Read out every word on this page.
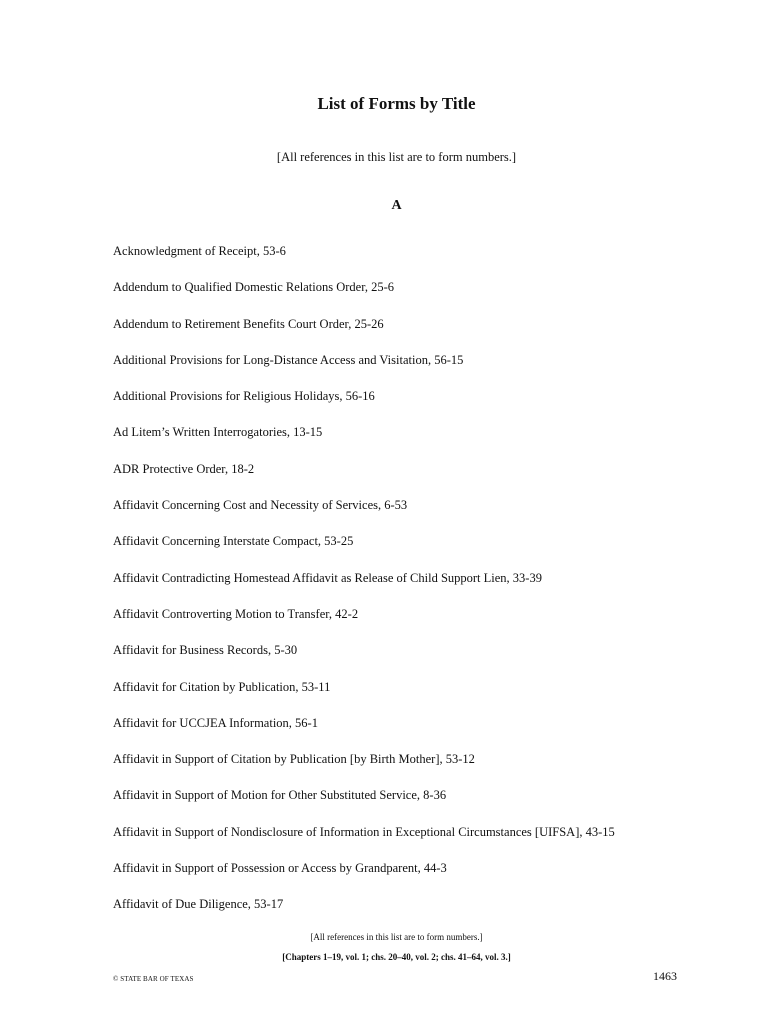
List of Forms by Title
[All references in this list are to form numbers.]
A
Acknowledgment of Receipt, 53-6
Addendum to Qualified Domestic Relations Order, 25-6
Addendum to Retirement Benefits Court Order, 25-26
Additional Provisions for Long-Distance Access and Visitation, 56-15
Additional Provisions for Religious Holidays, 56-16
Ad Litem’s Written Interrogatories, 13-15
ADR Protective Order, 18-2
Affidavit Concerning Cost and Necessity of Services, 6-53
Affidavit Concerning Interstate Compact, 53-25
Affidavit Contradicting Homestead Affidavit as Release of Child Support Lien, 33-39
Affidavit Controverting Motion to Transfer, 42-2
Affidavit for Business Records, 5-30
Affidavit for Citation by Publication, 53-11
Affidavit for UCCJEA Information, 56-1
Affidavit in Support of Citation by Publication [by Birth Mother], 53-12
Affidavit in Support of Motion for Other Substituted Service, 8-36
Affidavit in Support of Nondisclosure of Information in Exceptional Circumstances [UIFSA], 43-15
Affidavit in Support of Possession or Access by Grandparent, 44-3
Affidavit of Due Diligence, 53-17
[All references in this list are to form numbers.]
[Chapters 1–19, vol. 1; chs. 20–40, vol. 2; chs. 41–64, vol. 3.]
© STATE BAR OF TEXAS	1463
